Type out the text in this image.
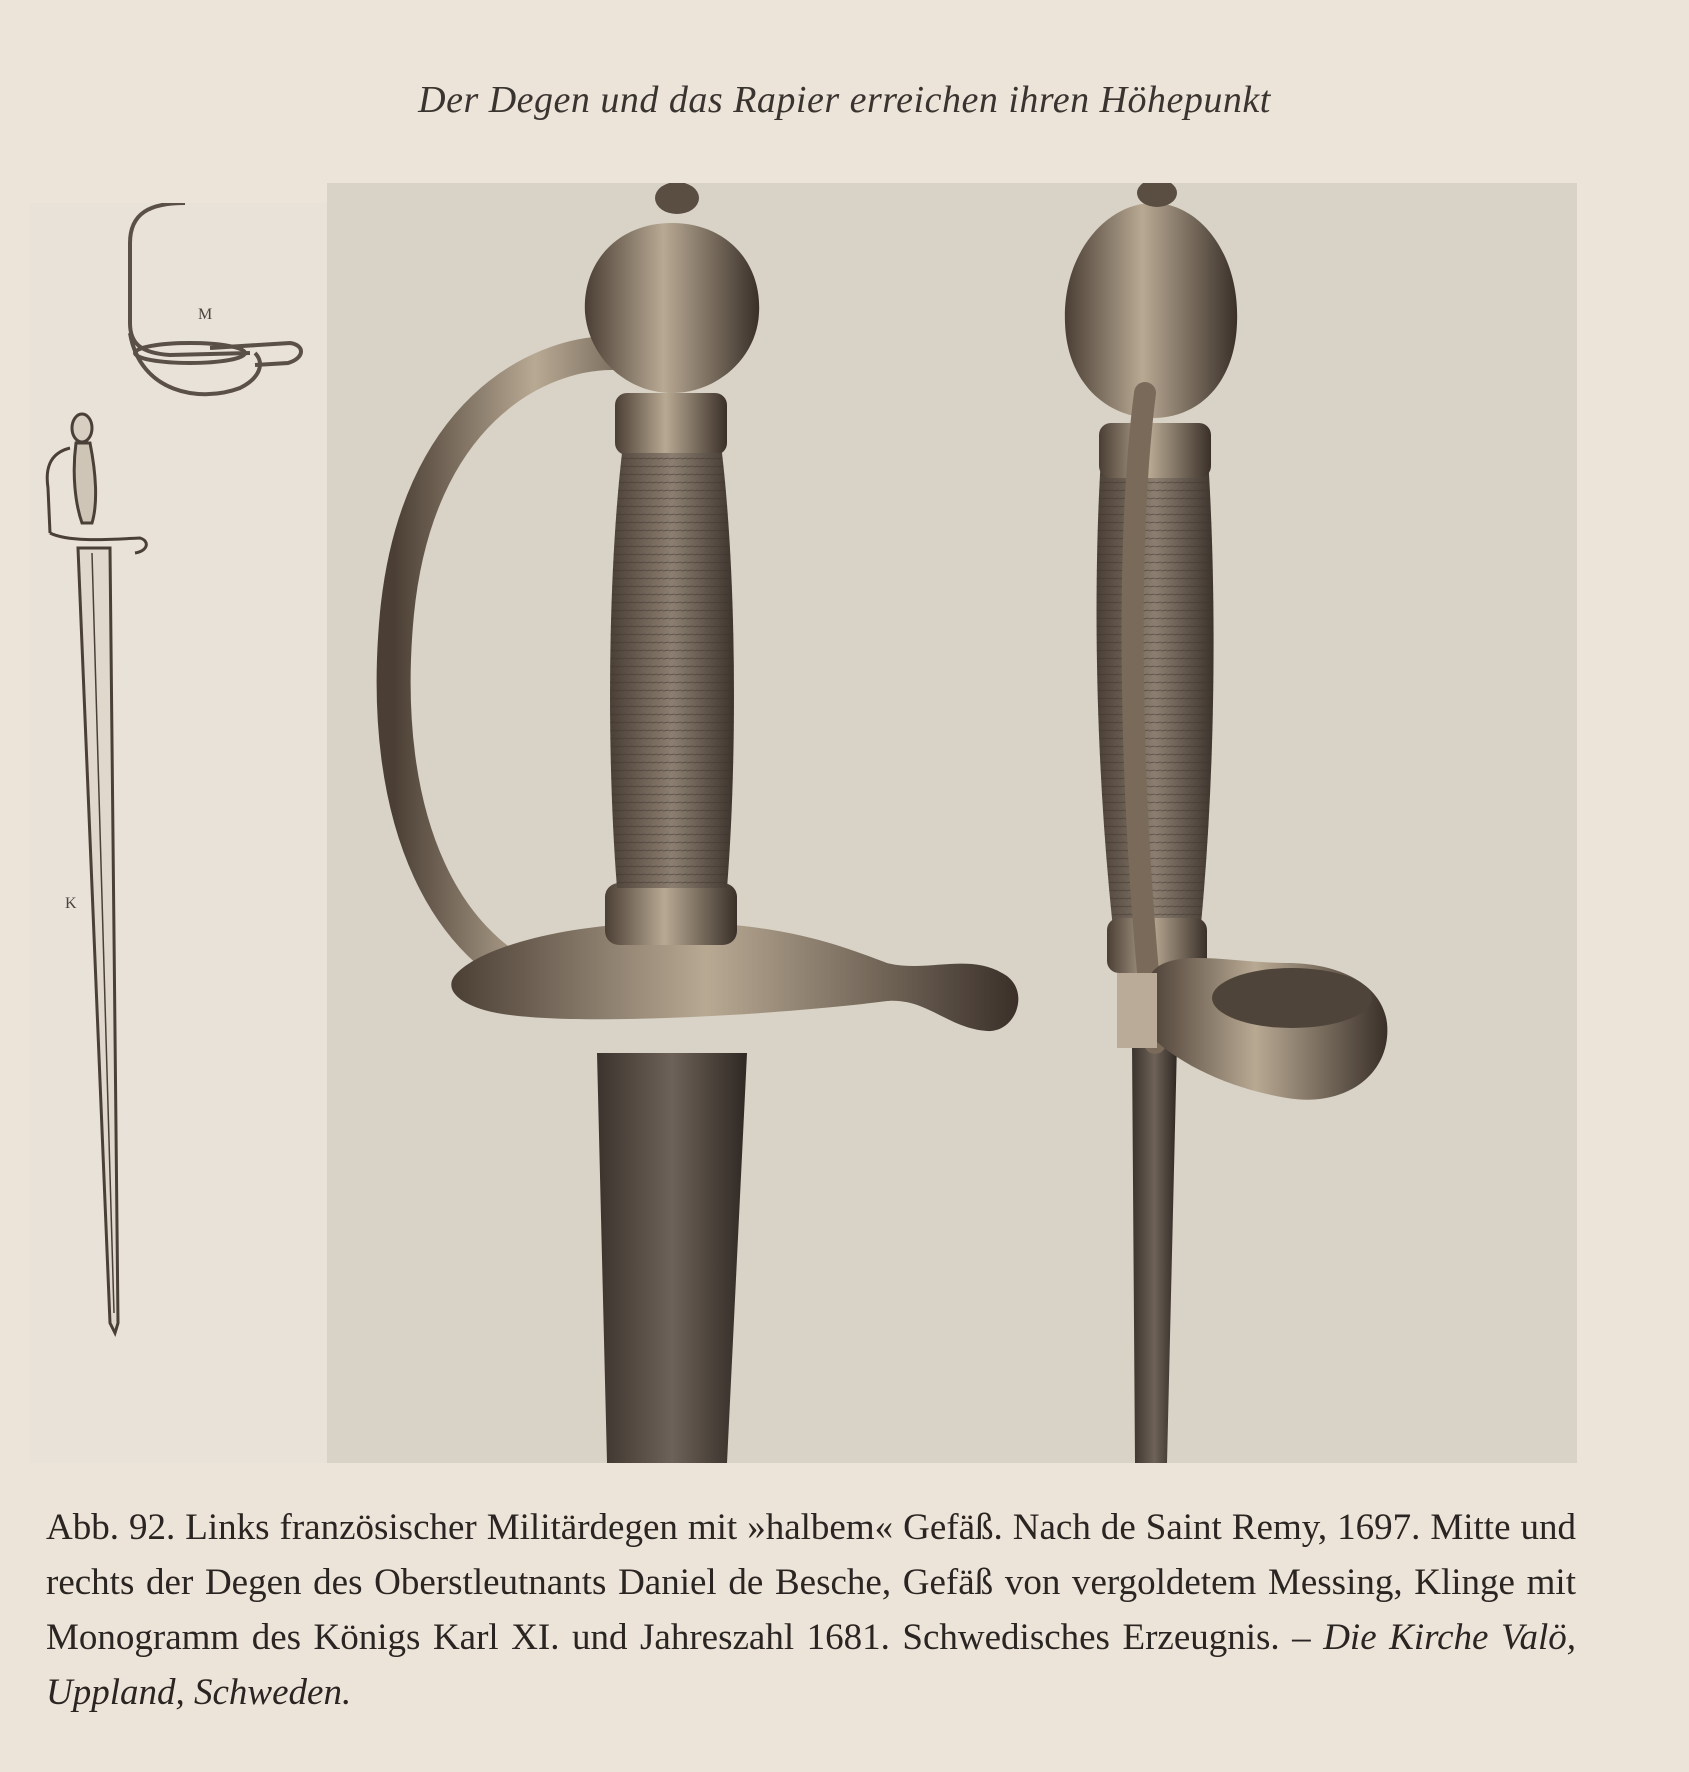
Der Degen und das Rapier erreichen ihren Höhepunkt
M
K
Abb. 92. Links französischer Militärdegen mit »halbem« Gefäß. Nach de Saint Remy, 1697. Mitte und rechts der Degen des Oberstleutnants Daniel de Besche, Gefäß von vergoldetem Messing, Klinge mit Monogramm des Königs Karl XI. und Jahreszahl 1681. Schwedisches Erzeugnis. – Die Kirche Valö, Uppland, Schweden.
